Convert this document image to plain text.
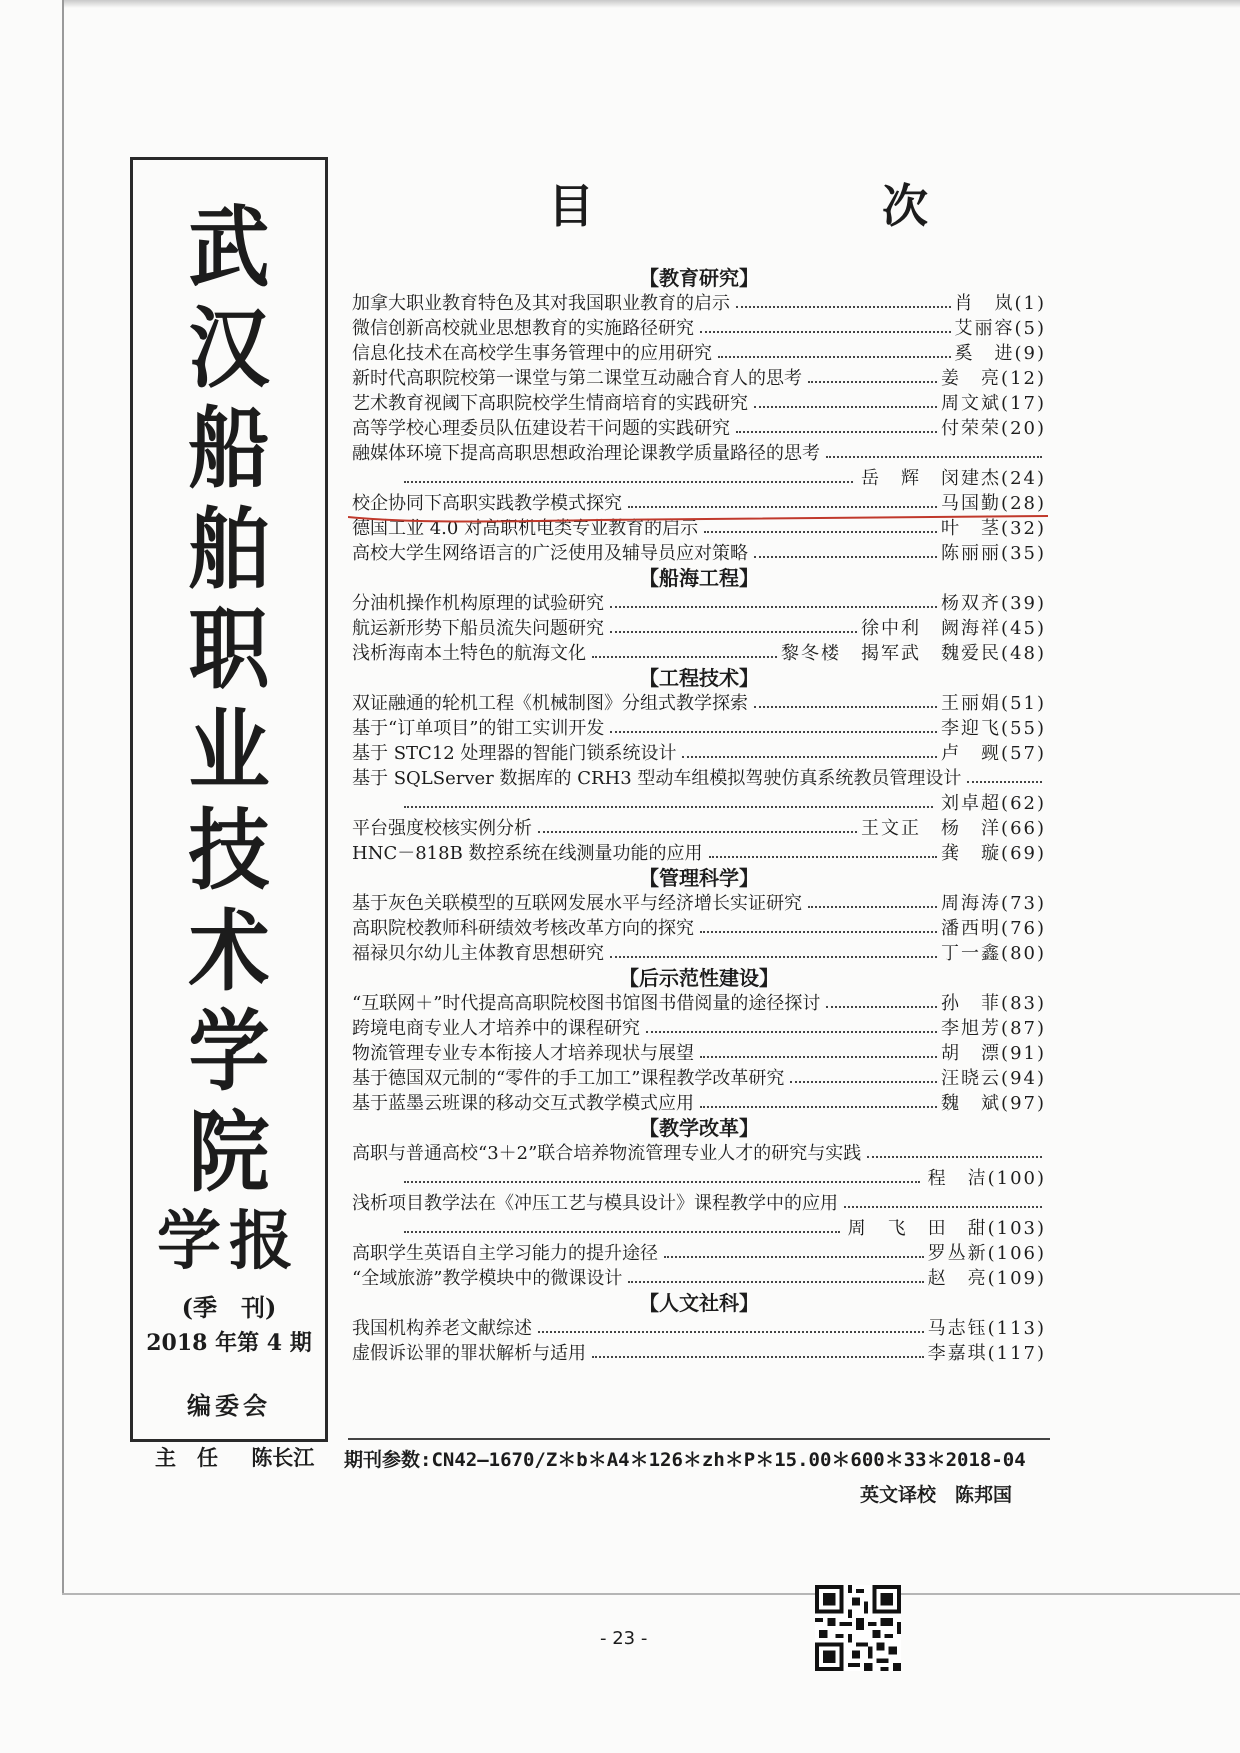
武
汉
船
舶
职
业
技
术
学
院
学报
(季　刊)
2018 年第 4 期
编委会
主　任 陈长江
目	次
【教育研究】
加拿大职业教育特色及其对我国职业教育的启示	肖　岚(1)
微信创新高校就业思想教育的实施路径研究	艾丽容(5)
信息化技术在高校学生事务管理中的应用研究	奚　进(9)
新时代高职院校第一课堂与第二课堂互动融合育人的思考	姜　亮(12)
艺术教育视阈下高职院校学生情商培育的实践研究	周文斌(17)
高等学校心理委员队伍建设若干问题的实践研究	付荣荣(20)
融媒体环境下提高高职思想政治理论课教学质量路径的思考
岳　辉　闵建杰(24)
校企协同下高职实践教学模式探究	马国勤(28)
德国工业 4.0 对高职机电类专业教育的启示	叶　茎(32)
高校大学生网络语言的广泛使用及辅导员应对策略	陈丽丽(35)
【船海工程】
分油机操作机构原理的试验研究	杨双齐(39)
航运新形势下船员流失问题研究	徐中利　阙海祥(45)
浅析海南本土特色的航海文化	黎冬楼　揭军武　魏爱民(48)
【工程技术】
双证融通的轮机工程《机械制图》分组式教学探索	王丽娟(51)
基于“订单项目”的钳工实训开发	李迎飞(55)
基于 STC12 处理器的智能门锁系统设计	卢　觋(57)
基于 SQLServer 数据库的 CRH3 型动车组模拟驾驶仿真系统教员管理设计
刘卓超(62)
平台强度校核实例分析	王文正　杨　洋(66)
HNC－818B 数控系统在线测量功能的应用	龚　璇(69)
【管理科学】
基于灰色关联模型的互联网发展水平与经济增长实证研究	周海涛(73)
高职院校教师科研绩效考核改革方向的探究	潘西明(76)
福禄贝尔幼儿主体教育思想研究	丁一鑫(80)
【后示范性建设】
“互联网＋”时代提高高职院校图书馆图书借阅量的途径探讨	孙　菲(83)
跨境电商专业人才培养中的课程研究	李旭芳(87)
物流管理专业专本衔接人才培养现状与展望	胡　漂(91)
基于德国双元制的“零件的手工加工”课程教学改革研究	汪晓云(94)
基于蓝墨云班课的移动交互式教学模式应用	魏　斌(97)
【教学改革】
高职与普通高校“3＋2”联合培养物流管理专业人才的研究与实践
程　洁(100)
浅析项目教学法在《冲压工艺与模具设计》课程教学中的应用
周　飞　田　甜(103)
高职学生英语自主学习能力的提升途径	罗丛新(106)
“全域旅游”教学模块中的微课设计	赵　亮(109)
【人文社科】
我国机构养老文献综述	马志钰(113)
虚假诉讼罪的罪状解析与适用	李嘉琪(117)
期刊参数:CN42—1670/Z＊b＊A4＊126＊zh＊P＊15.00＊600＊33＊2018-04
英文译校　陈邦国
- 23 -
